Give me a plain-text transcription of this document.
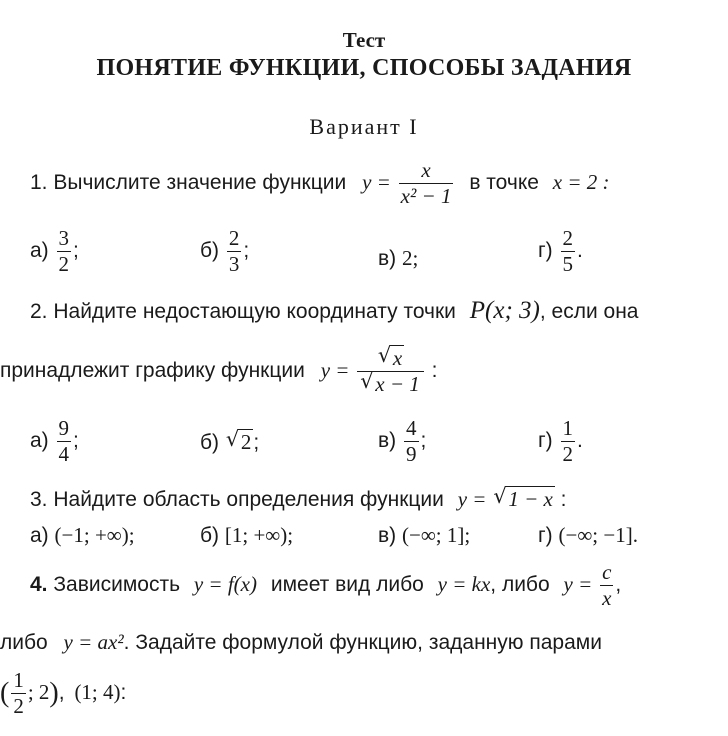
Тест
ПОНЯТИЕ ФУНКЦИИ, СПОСОБЫ ЗАДАНИЯ
Вариант I
1. Вычислите значение функции $y = \frac{x}{\text{x² − 1}}$ в точке x = 2 :
$а) \frac{3}{2}$ ;	$б) \frac{2}{3}$ ;	в) 2;	$г) \frac{2}{5}$ .
2. Найдите недостающую координату точки P(x; 3), если она
принадлежит графику функции y = √ x
√ x − 1 :
$а) \frac{9}{4}$ ;	б) √ 2;	$в) \frac{4}{9}$ ;	$г) \frac{1}{2}$ .
3. Найдите область определения функции y = √ 1 − x :
а) (−1; +∞);	б) [1; +∞);	в) (−∞; 1];	г) (−∞; −1].
4. Зависимость y = f(x) имеет вид либо y = kx, либо $y = \frac{c}{x}$ ,
либо y = ax². Задайте формулой функцию, заданную парами
( $\frac{1}{2}$ ; 2), (1; 4):
